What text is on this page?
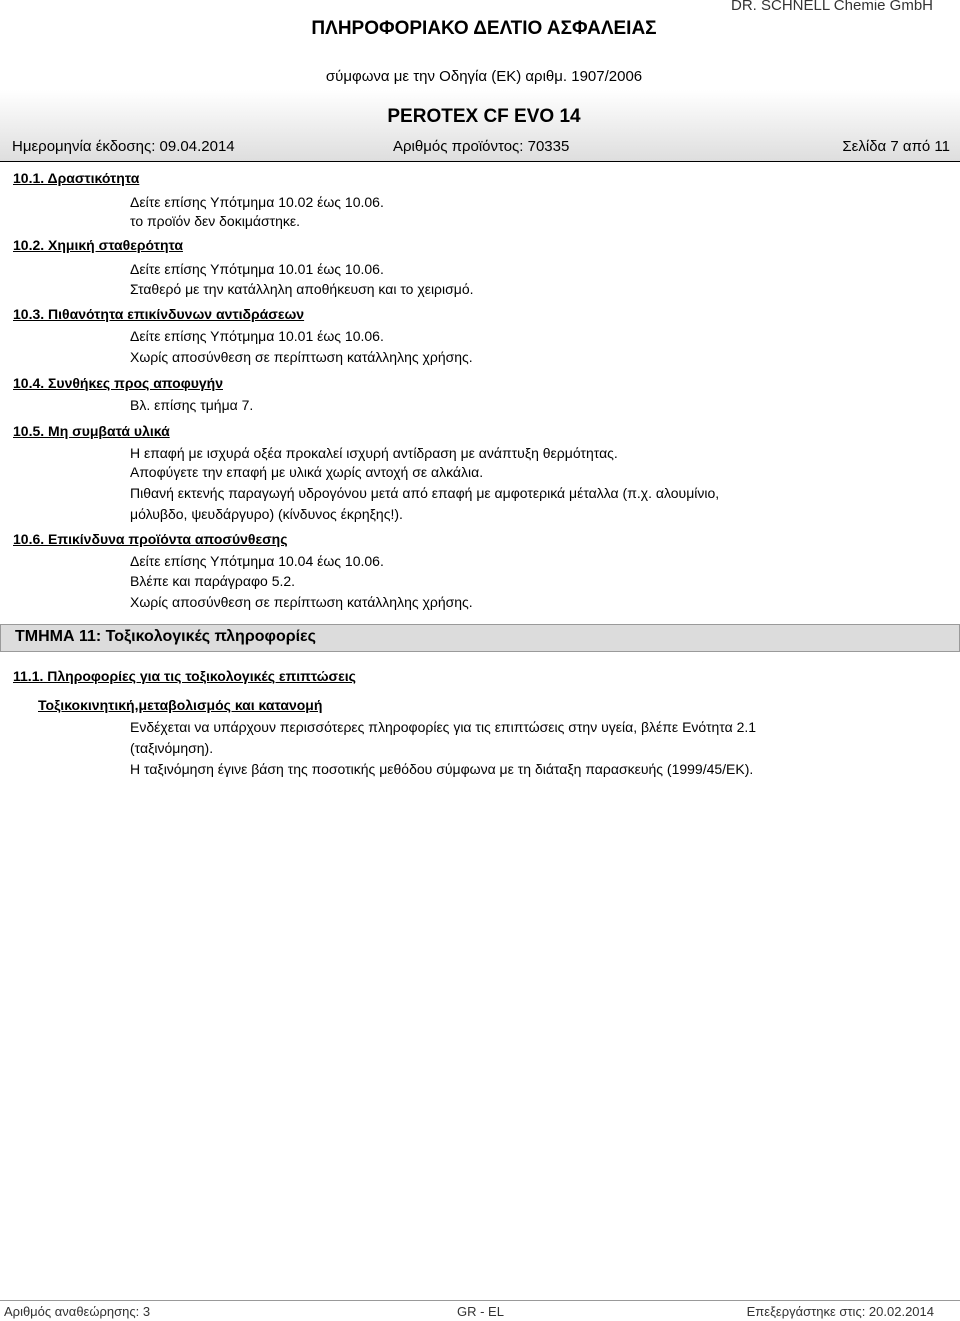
DR. SCHNELL Chemie GmbH
ΠΛΗΡΟΦΟΡΙΑΚΟ ΔΕΛΤΙΟ ΑΣΦΑΛΕΙΑΣ
σύμφωνα με την Οδηγία (ΕΚ) αριθμ. 1907/2006
PEROTEX CF EVO 14
Ημερομηνία έκδοσης: 09.04.2014	Αριθμός προϊόντος: 70335	Σελίδα 7 από 11
10.1. Δραστικότητα
Δείτε επίσης Υπότμημα 10.02 έως 10.06.
το προϊόν δεν δοκιμάστηκε.
10.2. Χημική σταθερότητα
Δείτε επίσης Υπότμημα 10.01 έως 10.06.
Σταθερό με την κατάλληλη αποθήκευση και το χειρισμό.
10.3. Πιθανότητα επικίνδυνων αντιδράσεων
Δείτε επίσης Υπότμημα 10.01 έως 10.06.
Χωρίς αποσύνθεση σε περίπτωση κατάλληλης χρήσης.
10.4. Συνθήκες προς αποφυγήν
Βλ. επίσης τμήμα 7.
10.5. Μη συμβατά υλικά
Η επαφή με ισχυρά οξέα προκαλεί ισχυρή αντίδραση με ανάπτυξη θερμότητας.
Αποφύγετε την επαφή με υλικά χωρίς αντοχή σε αλκάλια.
Πιθανή εκτενής παραγωγή υδρογόνου μετά από επαφή με αμφοτερικά μέταλλα (π.χ. αλουμίνιο,
μόλυβδο, ψευδάργυρο) (κίνδυνος έκρηξης!).
10.6. Επικίνδυνα προϊόντα αποσύνθεσης
Δείτε επίσης Υπότμημα 10.04 έως 10.06.
Βλέπε και παράγραφο 5.2.
Χωρίς αποσύνθεση σε περίπτωση κατάλληλης χρήσης.
ΤΜΗΜΑ 11: Τοξικολογικές πληροφορίες
11.1. Πληροφορίες για τις τοξικολογικές επιπτώσεις
Τοξικοκινητική,μεταβολισμός και κατανομή
Ενδέχεται να υπάρχουν περισσότερες πληροφορίες για τις επιπτώσεις στην υγεία, βλέπε Ενότητα 2.1
(ταξινόμηση).
Η ταξινόμηση έγινε βάση της ποσοτικής μεθόδου σύμφωνα με τη διάταξη παρασκευής (1999/45/ΕΚ).
Αριθμός αναθεώρησης: 3	GR - EL	Επεξεργάστηκε στις: 20.02.2014
